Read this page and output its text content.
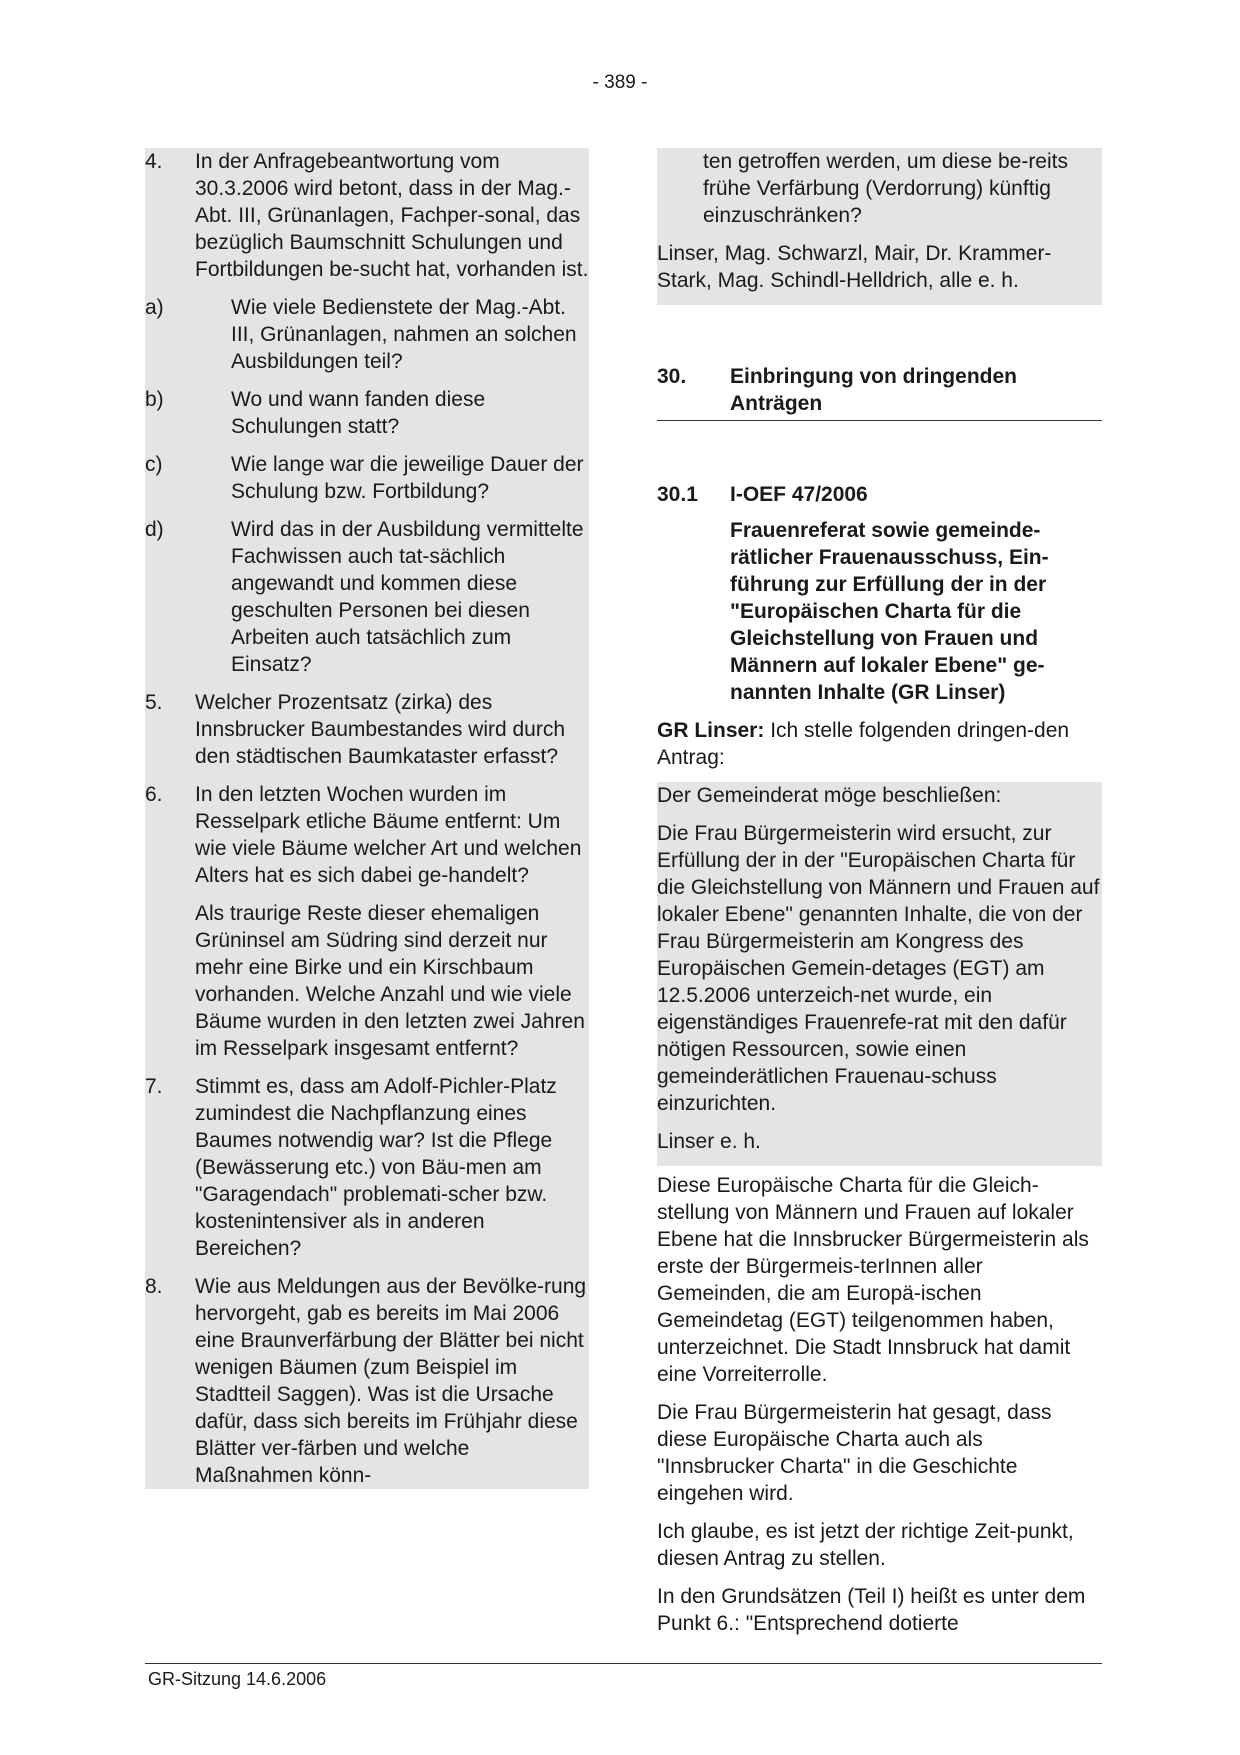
- 389 -
4.	In der Anfragebeantwortung vom 30.3.2006 wird betont, dass in der Mag.-Abt. III, Grünanlagen, Fachper-sonal, das bezüglich Baumschnitt Schulungen und Fortbildungen be-sucht hat, vorhanden ist.
a)	Wie viele Bedienstete der Mag.-Abt. III, Grünanlagen, nahmen an solchen Ausbildungen teil?
b)	Wo und wann fanden diese Schulungen statt?
c)	Wie lange war die jeweilige Dauer der Schulung bzw. Fortbildung?
d)	Wird das in der Ausbildung vermittelte Fachwissen auch tat-sächlich angewandt und kommen diese geschulten Personen bei diesen Arbeiten auch tatsächlich zum Einsatz?
5.	Welcher Prozentsatz (zirka) des Innsbrucker Baumbestandes wird durch den städtischen Baumkataster erfasst?
6.	In den letzten Wochen wurden im Resselpark etliche Bäume entfernt: Um wie viele Bäume welcher Art und welchen Alters hat es sich dabei ge-handelt?
Als traurige Reste dieser ehemaligen Grüninsel am Südring sind derzeit nur mehr eine Birke und ein Kirschbaum vorhanden. Welche Anzahl und wie viele Bäume wurden in den letzten zwei Jahren im Resselpark insgesamt entfernt?
7.	Stimmt es, dass am Adolf-Pichler-Platz zumindest die Nachpflanzung eines Baumes notwendig war? Ist die Pflege (Bewässerung etc.) von Bäu-men am "Garagendach" problemati-scher bzw. kostenintensiver als in anderen Bereichen?
8.	Wie aus Meldungen aus der Bevölke-rung hervorgeht, gab es bereits im Mai 2006 eine Braunverfärbung der Blätter bei nicht wenigen Bäumen (zum Beispiel im Stadtteil Saggen). Was ist die Ursache dafür, dass sich bereits im Frühjahr diese Blätter ver-färben und welche Maßnahmen könn-
ten getroffen werden, um diese be-reits frühe Verfärbung (Verdorrung) künftig einzuschränken?
Linser, Mag. Schwarzl, Mair, Dr. Krammer-Stark, Mag. Schindl-Helldrich, alle e. h.
30.	Einbringung von dringenden Anträgen
30.1	I-OEF 47/2006
Frauenreferat sowie gemeinde-rätlicher Frauenausschuss, Ein-führung zur Erfüllung der in der "Europäischen Charta für die Gleichstellung von Frauen und Männern auf lokaler Ebene" ge-nannten Inhalte (GR Linser)
GR Linser: Ich stelle folgenden dringen-den Antrag:
Der Gemeinderat möge beschließen:
Die Frau Bürgermeisterin wird ersucht, zur Erfüllung der in der "Europäischen Charta für die Gleichstellung von Männern und Frauen auf lokaler Ebene" genannten Inhalte, die von der Frau Bürgermeisterin am Kongress des Europäischen Gemein-detages (EGT) am 12.5.2006 unterzeich-net wurde, ein eigenständiges Frauenrefe-rat mit den dafür nötigen Ressourcen, sowie einen gemeinderätlichen Frauenau-schuss einzurichten.
Linser e. h.
Diese Europäische Charta für die Gleich-stellung von Männern und Frauen auf lokaler Ebene hat die Innsbrucker Bürgermeisterin als erste der Bürgermeis-terInnen aller Gemeinden, die am Europä-ischen Gemeindetag (EGT) teilgenommen haben, unterzeichnet. Die Stadt Innsbruck hat damit eine Vorreiterrolle.
Die Frau Bürgermeisterin hat gesagt, dass diese Europäische Charta auch als "Innsbrucker Charta" in die Geschichte eingehen wird.
Ich glaube, es ist jetzt der richtige Zeit-punkt, diesen Antrag zu stellen.
In den Grundsätzen (Teil I) heißt es unter dem Punkt 6.: "Entsprechend dotierte
GR-Sitzung 14.6.2006
